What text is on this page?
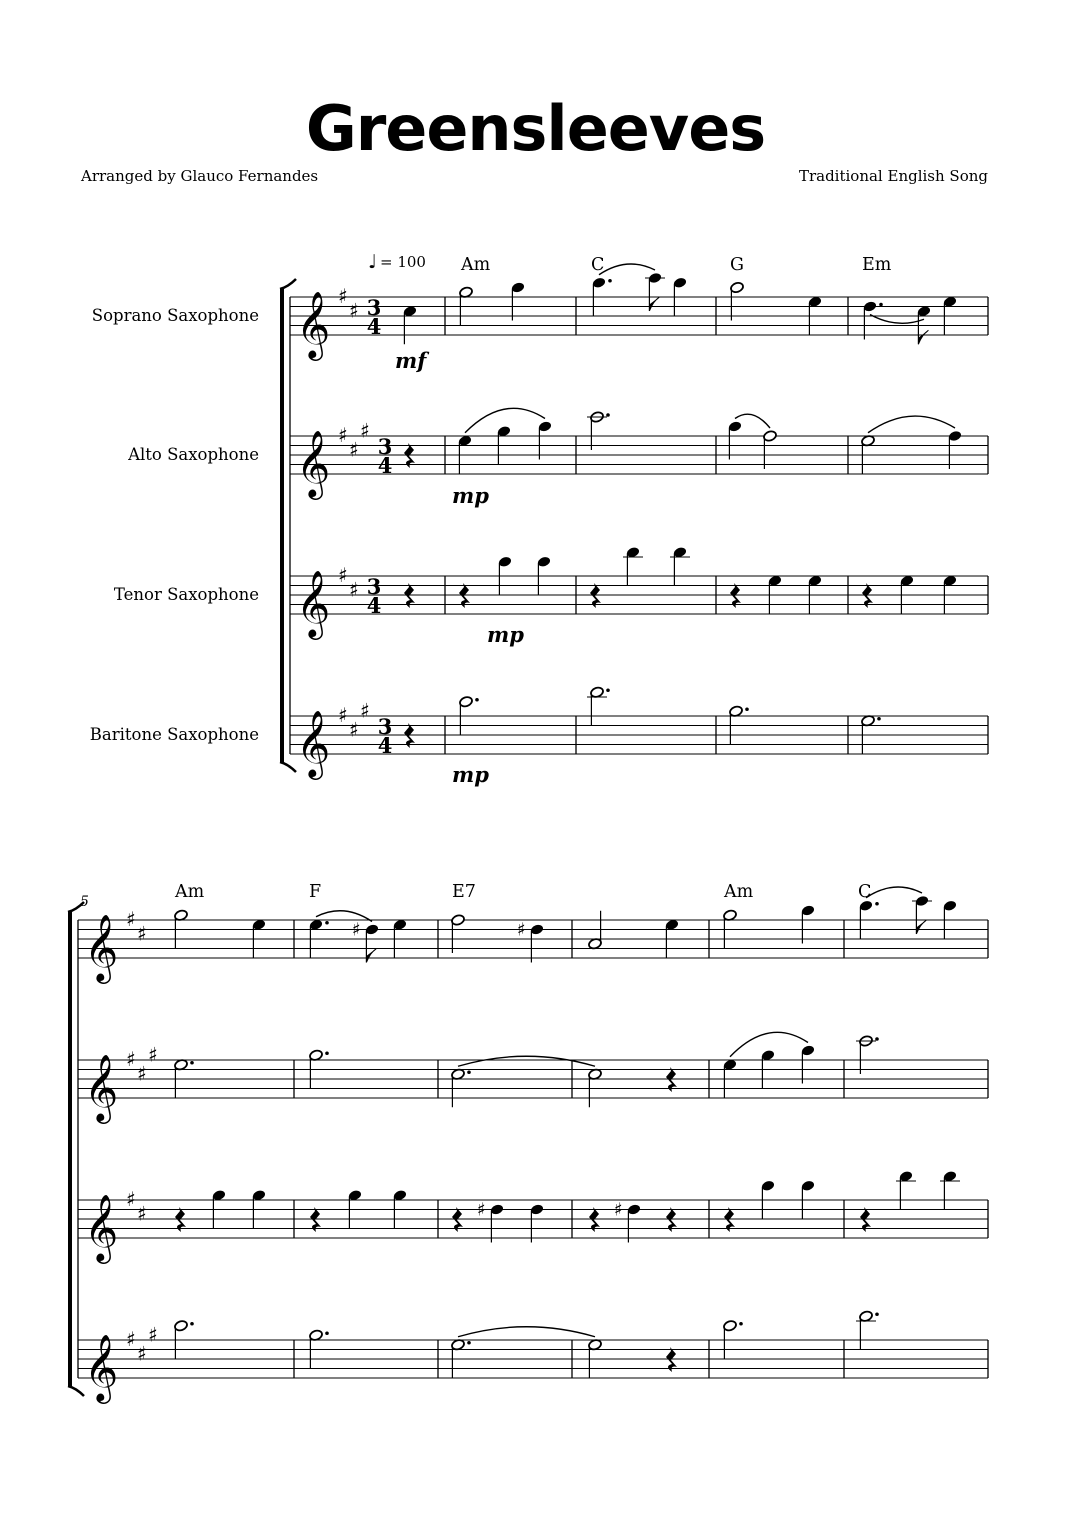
Greensleeves
Arranged by Glauco Fernandes	Traditional English Song
𝄞 ♯
♯ 3
4
Soprano Saxophone
𝄞 ♯
♯
♯
3
4
Alto Saxophone
𝄞 ♯
♯ 3
4
Tenor Saxophone
𝄞 ♯
♯
♯
3
4
Baritone Saxophone
♩ = 100 Am	C	G	Em
mf
mp
mp
mp
𝄞 ♯
♯
𝄞 ♯
♯
♯
𝄞 ♯
♯
𝄞 ♯
♯
♯
5	Am	F	E7	Am	C
♯	♯
♯	♯
